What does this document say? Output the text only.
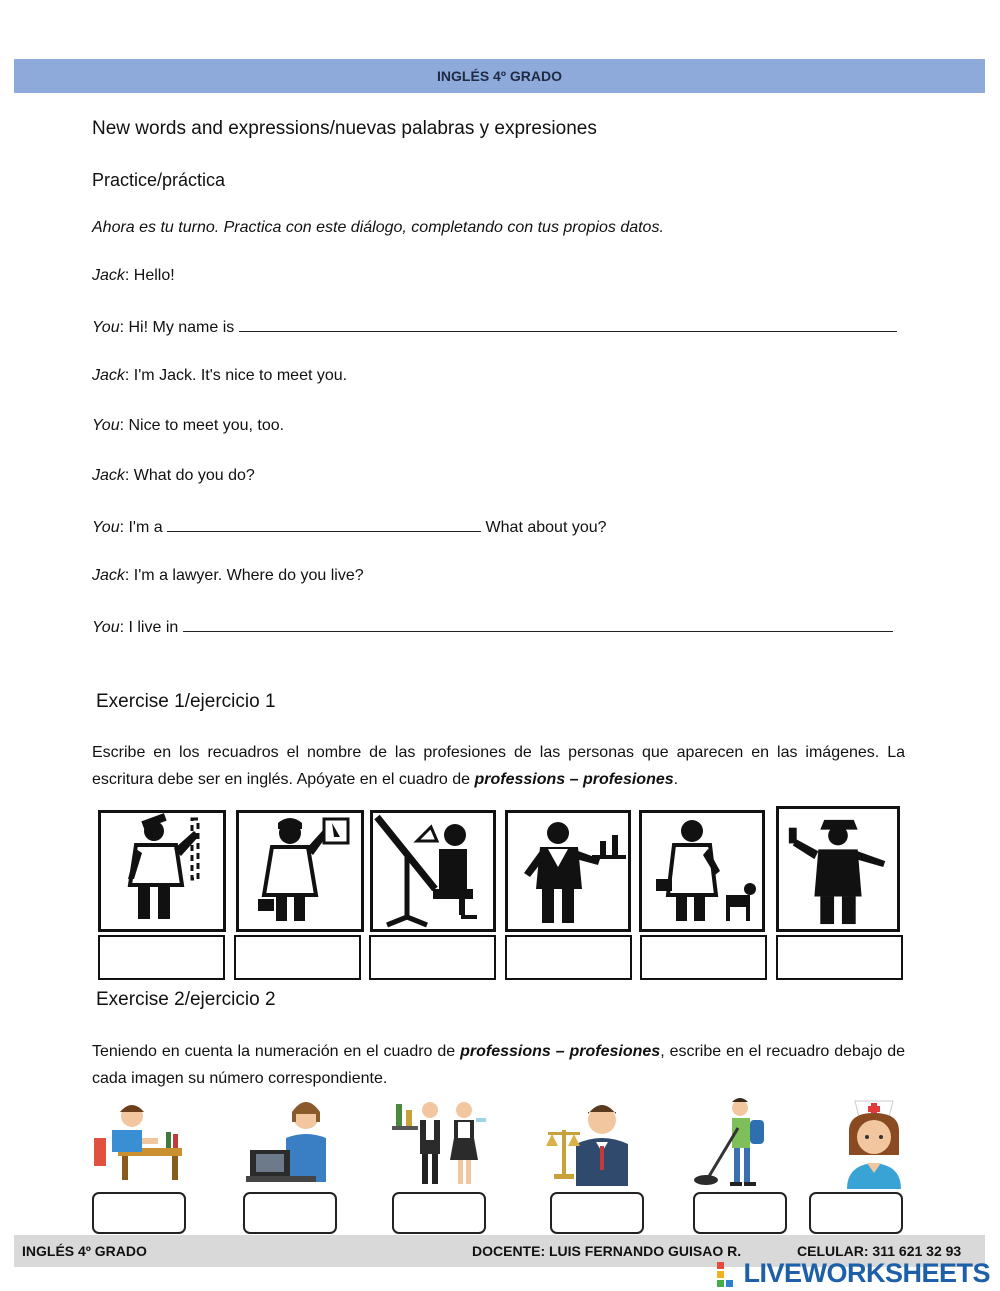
INGLÉS 4º GRADO
New words and expressions/nuevas palabras y expresiones
Practice/práctica
Ahora es tu turno. Practica con este diálogo, completando con tus propios datos.
Jack: Hello!
You: Hi! My name is
Jack: I'm Jack. It's nice to meet you.
You: Nice to meet you, too.
Jack: What do you do?
You: I'm a	What about you?
Jack: I'm a lawyer. Where do you live?
You: I live in
Exercise 1/ejercicio 1
Escribe en los recuadros el nombre de las profesiones de las personas que aparecen en las imágenes. La escritura debe ser en inglés. Apóyate en el cuadro de professions – profesiones.
Exercise 2/ejercicio 2
Teniendo en cuenta la numeración en el cuadro de professions – profesiones, escribe en el recuadro debajo de cada imagen su número correspondiente.
INGLÉS 4º GRADO	DOCENTE: LUIS FERNANDO GUISAO R.	CELULAR: 311 621 32 93
LIVEWORKSHEETS
